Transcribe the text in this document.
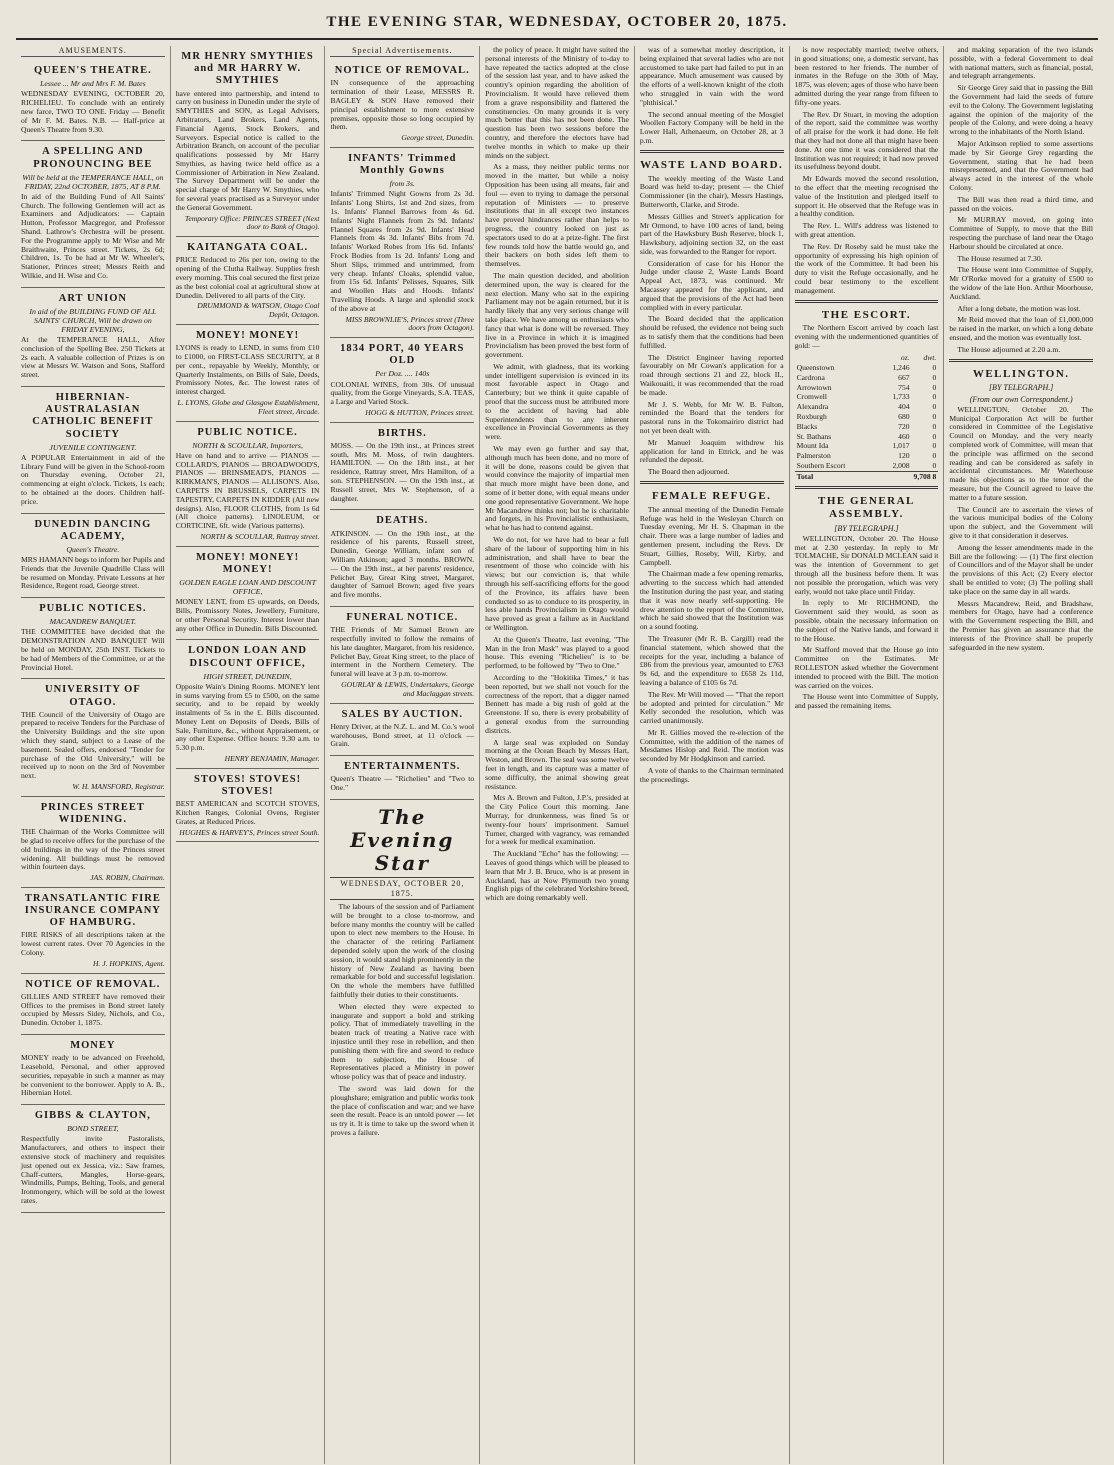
THE EVENING STAR, WEDNESDAY, OCTOBER 20, 1875.
AMUSEMENTS.
QUEEN'S THEATRE.
Lessee ... Mr and Mrs F. M. Bates
WEDNESDAY EVENING, OCTOBER 20, RICHELIEU. To conclude with an entirely new farce, TWO TO ONE. Friday — Benefit of Mr F. M. Bates. N.B. — Half-price at Queen's Theatre from 9.30.
A SPELLING AND PRONOUNCING BEE
Will be held at the TEMPERANCE HALL, on FRIDAY, 22nd OCTOBER, 1875, AT 8 P.M.
In aid of the Building Fund of All Saints' Church. The following Gentlemen will act as Examiners and Adjudicators: — Captain Hutton, Professor Macgregor, and Professor Shand. Lathrow's Orchestra will be present. For the Programme apply to Mr Wise and Mr Braithwaite, Princes street. Tickets, 2s 6d; Children, 1s. To be had at Mr W. Wheeler's, Stationer, Princes street; Messrs Reith and Wilkie, and H. Wise and Co.
ART UNION
In aid of the BUILDING FUND OF ALL SAINTS' CHURCH, Will be drawn on FRIDAY EVENING,
At the TEMPERANCE HALL, After conclusion of the Spelling Bee. 250 Tickets at 2s each. A valuable collection of Prizes is on view at Messrs W. Watson and Sons, Stafford street.
HIBERNIAN-AUSTRALASIAN CATHOLIC BENEFIT SOCIETY
JUVENILE CONTINGENT.
A POPULAR Entertainment in aid of the Library Fund will be given in the School-room on Thursday evening, October 21, commencing at eight o'clock. Tickets, 1s each; to be obtained at the doors. Children half-price.
DUNEDIN DANCING ACADEMY,
Queen's Theatre.
MRS HAMANN begs to inform her Pupils and Friends that the Juvenile Quadrille Class will be resumed on Monday. Private Lessons at her Residence, Regent road, George street.
PUBLIC NOTICES.
MACANDREW BANQUET.
THE COMMITTEE have decided that the DEMONSTRATION AND BANQUET Will be held on MONDAY, 25th INST. Tickets to be had of Members of the Committee, or at the Provincial Hotel.
UNIVERSITY OF OTAGO.
THE Council of the University of Otago are prepared to receive Tenders for the Purchase of the University Buildings and the site upon which they stand, subject to a Lease of the basement. Sealed offers, endorsed "Tender for purchase of the Old University," will be received up to noon on the 3rd of November next.
W. H. MANSFORD, Registrar.
PRINCES STREET WIDENING.
THE Chairman of the Works Committee will be glad to receive offers for the purchase of the old buildings in the way of the Princes street widening. All buildings must be removed within fourteen days.
JAS. ROBIN, Chairman.
TRANSATLANTIC FIRE INSURANCE COMPANY OF HAMBURG.
FIRE RISKS of all descriptions taken at the lowest current rates. Over 70 Agencies in the Colony.
H. J. HOPKINS, Agent.
NOTICE OF REMOVAL.
GILLIES AND STREET have removed their Offices to the premises in Bond street lately occupied by Messrs Sidey, Nichols, and Co., Dunedin. October 1, 1875.
MONEY
MONEY ready to be advanced on Freehold, Leasehold, Personal, and other approved securities, repayable in such a manner as may be convenient to the borrower. Apply to A. B., Hibernian Hotel.
GIBBS & CLAYTON,
BOND STREET,
Respectfully invite Pastoralists, Manufacturers, and others to inspect their extensive stock of machinery and requisites just opened out ex Jessica, viz.: Saw frames, Chaff-cutters, Mangles, Horse-gears, Windmills, Pumps, Belting, Tools, and general Ironmongery, which will be sold at the lowest rates.
MR HENRY SMYTHIES and MR HARRY W. SMYTHIES
have entered into partnership, and intend to carry on business in Dunedin under the style of SMYTHIES and SON, as Legal Advisers, Arbitrators, Land Brokers, Land Agents, Financial Agents, Stock Brokers, and Surveyors. Especial notice is called to the Arbitration Branch, on account of the peculiar qualifications possessed by Mr Harry Smythies, as having twice held office as a Commissioner of Arbitration in New Zealand. The Survey Department will be under the special charge of Mr Harry W. Smythies, who for several years practised as a Surveyor under the General Government.
Temporary Office: PRINCES STREET (Next door to Bank of Otago).
KAITANGATA COAL.
PRICE Reduced to 26s per ton, owing to the opening of the Clutha Railway. Supplies fresh every morning. This coal secured the first prize as the best colonial coal at agricultural show at Dunedin. Delivered to all parts of the City.
DRUMMOND & WATSON, Otago Coal Depôt, Octagon.
MONEY! MONEY!
LYONS is ready to LEND, in sums from £10 to £1000, on FIRST-CLASS SECURITY, at 8 per cent., repayable by Weekly, Monthly, or Quarterly Instalments, on Bills of Sale, Deeds, Promissory Notes, &c. The lowest rates of interest charged.
L. LYONS, Globe and Glasgow Establishment, Fleet street, Arcade.
PUBLIC NOTICE.
NORTH & SCOULLAR, Importers,
Have on hand and to arrive — PIANOS — COLLARD'S, PIANOS — BROADWOOD'S, PIANOS — BRINSMEAD'S, PIANOS — KIRKMAN'S, PIANOS — ALLISON'S. Also, CARPETS IN BRUSSELS, CARPETS IN TAPESTRY, CARPETS IN KIDDER (All new designs). Also, FLOOR CLOTHS, from 1s 6d (All choice patterns). LINOLEUM, or CORTICINE, 6ft. wide (Various patterns).
NORTH & SCOULLAR, Rattray street.
MONEY! MONEY! MONEY!
GOLDEN EAGLE LOAN AND DISCOUNT OFFICE,
MONEY LENT, from £5 upwards, on Deeds, Bills, Promissory Notes, Jewellery, Furniture, or other Personal Security. Interest lower than any other Office in Dunedin. Bills Discounted.
LONDON LOAN AND DISCOUNT OFFICE,
HIGH STREET, DUNEDIN,
Opposite Wain's Dining Rooms. MONEY lent in sums varying from £5 to £500, on the same security, and to be repaid by weekly instalments of 5s in the £. Bills discounted. Money Lent on Deposits of Deeds, Bills of Sale, Furniture, &c., without Appraisement, or any other Expense. Office hours: 9.30 a.m. to 5.30 p.m.
HENRY BENJAMIN, Manager.
STOVES! STOVES! STOVES!
BEST AMERICAN and SCOTCH STOVES, Kitchen Ranges, Colonial Ovens, Register Grates, at Reduced Prices.
HUGHES & HARVEY'S, Princes street South.
Special Advertisements.
NOTICE OF REMOVAL.
IN consequence of the approaching termination of their Lease, MESSRS R. BAGLEY & SON Have removed their principal establishment to more extensive premises, opposite those so long occupied by them.
George street, Dunedin.
INFANTS' Trimmed Monthly Gowns
from 3s.
Infants' Trimmed Night Gowns from 2s 3d. Infants' Long Shirts, 1st and 2nd sizes, from 1s. Infants' Flannel Barrows from 4s 6d. Infants' Night Flannels from 2s 9d. Infants' Flannel Squares from 2s 9d. Infants' Head Flannels from 4s 3d. Infants' Bibs from 7d. Infants' Worked Robes from 16s 6d. Infants' Frock Bodies from 1s 2d. Infants' Long and Short Slips, trimmed and untrimmed, from very cheap. Infants' Cloaks, splendid value, from 15s 6d. Infants' Pelisses, Squares, Silk and Woollen Hats and Hoods. Infants' Travelling Hoods. A large and splendid stock of the above at
MISS BROWNLIE'S, Princes street (Three doors from Octagon).
1834 PORT, 40 YEARS OLD
Per Doz. .... 140s
COLONIAL WINES, from 30s. Of unusual quality, from the Gorge Vineyards, S.A. TEAS, a Large and Varied Stock.
HOGG & HUTTON, Princes street.
BIRTHS.
MOSS. — On the 19th inst., at Princes street south, Mrs M. Moss, of twin daughters. HAMILTON. — On the 18th inst., at her residence, Rattray street, Mrs Hamilton, of a son. STEPHENSON. — On the 19th inst., at Russell street, Mrs W. Stephenson, of a daughter.
DEATHS.
ATKINSON. — On the 19th inst., at the residence of his parents, Russell street, Dunedin, George William, infant son of William Atkinson; aged 3 months. BROWN. — On the 19th inst., at her parents' residence, Pelichet Bay, Great King street, Margaret, daughter of Samuel Brown; aged five years and five months.
FUNERAL NOTICE.
THE Friends of Mr Samuel Brown are respectfully invited to follow the remains of his late daughter, Margaret, from his residence, Pelichet Bay, Great King street, to the place of interment in the Northern Cemetery. The funeral will leave at 3 p.m. to-morrow.
GOURLAY & LEWIS, Undertakers, George and Maclaggan streets.
SALES BY AUCTION.
Henry Driver, at the N.Z. L. and M. Co.'s wool warehouses, Bond street, at 11 o'clock — Grain.
ENTERTAINMENTS.
Queen's Theatre — "Richelieu" and "Two to One."
The Evening Star
WEDNESDAY, OCTOBER 20, 1875.

The labours of the session and of Parliament will be brought to a close to-morrow, and before many months the country will be called upon to elect new members to the House. In the character of the retiring Parliament depended solely upon the work of the closing session, it would stand high prominently in the history of New Zealand as having been remarkable for bold and successful legislation. On the whole the members have fulfilled faithfully their duties to their constituents.

When elected they were expected to inaugurate and support a bold and striking policy. That of immediately travelling in the beaten track of treating a Native race with injustice until they rose in rebellion, and then punishing them with fire and sword to reduce them to subjection, the House of Representatives placed a Ministry in power whose policy was that of peace and industry.

The sword was laid down for the ploughshare; emigration and public works took the place of confiscation and war; and we have seen the result. Peace is an untold power — let us try it. It is time to take up the sword when it proves a failure.

the policy of peace. It might have suited the personal interests of the Ministry of to-day to have repeated the tactics adopted at the close of the session last year, and to have asked the country's opinion regarding the abolition of Provincialism. It would have relieved them from a grave responsibility and flattered the constituencies. On many grounds it is very much better that this has not been done. The question has been two sessions before the country, and therefore the electors have had twelve months in which to make up their minds on the subject.

As a mass, they neither public terms nor moved in the matter, but while a noisy Opposition has been using all means, fair and foul — even to trying to damage the personal reputation of Ministers — to preserve institutions that in all except two instances have proved hindrances rather than helps to progress, the country looked on just as spectators used to do at a prize-fight. The first few rounds told how the battle would go, and their backers on both sides left them to themselves.

The main question decided, and abolition determined upon, the way is cleared for the next election. Many who sat in the expiring Parliament may not be again returned, but it is hardly likely that any very serious change will take place. We have among us enthusiasts who fancy that what is done will be reversed. They live in a Province in which it is imagined Provincialism has been proved the best form of government.

We admit, with gladness, that its working under intelligent supervision is evinced in its most favorable aspect in Otago and Canterbury; but we think it quite capable of proof that the success must be attributed more to the accident of having had able Superintendents than to any inherent excellence in Provincial Governments as they were.

We may even go further and say that, although much has been done, and no more of it will be done, reasons could be given that would convince the majority of impartial men that much more might have been done, and some of it better done, with equal means under one good representative Government. We hope Mr Macandrew thinks not; but he is charitable and forgets, in his Provincialistic enthusiasm, what he has had to contend against.

We do not, for we have had to bear a full share of the labour of supporting him in his administration, and shall have to bear the resentment of those who coincide with his views; but our conviction is, that while through his self-sacrificing efforts for the good of the Province, its affairs have been conducted so as to conduce to its prosperity, in less able hands Provincialism in Otago would have proved as great a failure as in Auckland or Wellington.

At the Queen's Theatre, last evening, "The Man in the Iron Mask" was played to a good house. This evening "Richelieu" is to be performed, to be followed by "Two to One."

According to the "Hokitika Times," it has been reported, but we shall not vouch for the correctness of the report, that a digger named Bennett has made a big rush of gold at the Greenstone. If so, there is every probability of a general exodus from the surrounding districts.

A large seal was exploded on Sunday morning at the Ocean Beach by Messrs Hart, Weston, and Brown. The seal was some twelve feet in length, and its capture was a matter of some difficulty, the animal showing great resistance.

Mrs A. Brown and Fulton, J.P.'s, presided at the City Police Court this morning. Jane Murray, for drunkenness, was fined 5s or twenty-four hours' imprisonment. Samuel Turner, charged with vagrancy, was remanded for a week for medical examination.

The Auckland "Echo" has the following: — Leaves of good things which will be pleased to learn that Mr J. B. Bruce, who is at present in Auckland, has at Now Plymouth two young English pigs of the celebrated Yorkshire breed, which are doing remarkably well.

was of a somewhat motley description, it being explained that several ladies who are not accustomed to take part had failed to put in an appearance. Much amusement was caused by the efforts of a well-known knight of the cloth who struggled in vain with the word "phthisical."

The second annual meeting of the Mosgiel Woollen Factory Company will be held in the Lower Hall, Athenaeum, on October 28, at 3 p.m.

WASTE LAND BOARD.

The weekly meeting of the Waste Land Board was held to-day; present — the Chief Commissioner (in the chair), Messrs Hastings, Butterworth, Clarke, and Strode.

Messrs Gillies and Street's application for Mr Ormond, to have 100 acres of land, being part of the Hawksbury Bush Reserve, block 1, Hawksbury, adjoining section 32, on the east side, was forwarded to the Ranger for report.

Consideration of case for his Honor the Judge under clause 2, Waste Lands Board Appeal Act, 1873, was continued. Mr Macassey appeared for the applicant, and argued that the provisions of the Act had been complied with in every particular.

The Board decided that the application should be refused, the evidence not being such as to satisfy them that the conditions had been fulfilled.

The District Engineer having reported favourably on Mr Cowan's application for a road through sections 21 and 22, block II., Waikouaiti, it was recommended that the road be made.

Mr J. S. Webb, for Mr W. B. Fulton, reminded the Board that the tenders for pastoral runs in the Tokomairiro district had not yet been dealt with.

Mr Manuel Joaquim withdrew his application for land in Ettrick, and he was refunded the deposit.

The Board then adjourned.

FEMALE REFUGE.

The annual meeting of the Dunedin Female Refuge was held in the Wesleyan Church on Tuesday evening, Mr H. S. Chapman in the chair. There was a large number of ladies and gentlemen present, including the Revs. Dr Stuart, Gillies, Roseby, Will, Kirby, and Campbell.

The Chairman made a few opening remarks, adverting to the success which had attended the Institution during the past year, and stating that it was now nearly self-supporting. He drew attention to the report of the Committee, which he said showed that the Institution was on a sound footing.

The Treasurer (Mr R. B. Cargill) read the financial statement, which showed that the receipts for the year, including a balance of £86 from the previous year, amounted to £763 9s 6d, and the expenditure to £658 2s 11d, leaving a balance of £105 6s 7d.

The Rev. Mr Will moved — "That the report be adopted and printed for circulation." Mr Kelly seconded the resolution, which was carried unanimously.

Mr R. Gillies moved the re-election of the Committee, with the addition of the names of Mesdames Hislop and Reid. The motion was seconded by Mr Hodgkinson and carried.

A vote of thanks to the Chairman terminated the proceedings.

is now respectably married; twelve others, in good situations; one, a domestic servant, has been restored to her friends. The number of inmates in the Refuge on the 30th of May, 1875, was eleven; ages of those who have been admitted during the year range from fifteen to fifty-one years.

The Rev. Dr Stuart, in moving the adoption of the report, said the committee was worthy of all praise for the work it had done. He felt that they had not done all that might have been done. At one time it was considered that the Institution was not required; it had now proved its usefulness beyond doubt.

Mr Edwards moved the second resolution, to the effect that the meeting recognised the value of the Institution and pledged itself to support it. He observed that the Refuge was in a healthy condition.

The Rev. L. Will's address was listened to with great attention.

The Rev. Dr Roseby said he must take the opportunity of expressing his high opinion of the work of the Committee. It had been his duty to visit the Refuge occasionally, and he could bear testimony to the excellent management.

THE ESCORT.

The Northern Escort arrived by coach last evening with the undermentioned quantities of gold: —

	oz.	dwt.
Queenstown	1,246	0
Cardrona	667	0
Arrowtown	754	0
Cromwell	1,733	0
Alexandra	404	0
Roxburgh	680	0
Blacks	720	0
St. Bathans	460	0
Mount Ida	1,017	0
Palmerston	120	0
Southern Escort	2,008	0
Total	9,708 8	
THE GENERAL ASSEMBLY.
[BY TELEGRAPH.]

WELLINGTON, October 20. The House met at 2.30 yesterday. In reply to Mr TOLMACHE, Sir DONALD MCLEAN said it was the intention of Government to get through all the business before them. It was not possible the prorogation, which was very early, would not take place until Friday.

In reply to Mr RICHMOND, the Government said they would, as soon as possible, obtain the necessary information on the subject of the Native lands, and forward it to the House.

Mr Stafford moved that the House go into Committee on the Estimates. Mr ROLLESTON asked whether the Government intended to proceed with the Bill. The motion was carried on the voices.

The House went into Committee of Supply, and passed the remaining items.

and making separation of the two islands possible, with a federal Government to deal with national matters, such as financial, postal, and telegraph arrangements.

Sir George Grey said that in passing the Bill the Government had laid the seeds of future evil to the Colony. The Government legislating against the opinion of the majority of the people of the Colony, and were doing a heavy wrong to the inhabitants of the North Island.

Major Atkinson replied to some assertions made by Sir George Grey regarding the Government, stating that he had been misrepresented, and that the Government had always acted in the interest of the whole Colony.

The Bill was then read a third time, and passed on the voices.

Mr MURRAY moved, on going into Committee of Supply, to move that the Bill respecting the purchase of land near the Otago Harbour should be circulated at once.

The House resumed at 7.30.

The House went into Committee of Supply, Mr O'Rorke moved for a gratuity of £500 to the widow of the late Hon. Arthur Moorhouse, Auckland.

After a long debate, the motion was lost.

Mr Reid moved that the loan of £1,000,000 be raised in the market, on which a long debate ensued, and the motion was eventually lost.

The House adjourned at 2.20 a.m.

WELLINGTON.
[BY TELEGRAPH.]
(From our own Correspondent.)

WELLINGTON, October 20. The Municipal Corporation Act will be further considered in Committee of the Legislative Council on Monday, and the very nearly completed work of Committee, will mean that the principle was affirmed on the second reading and can be considered as safely in accidental circumstances. Mr Waterhouse made his objections as to the tenor of the measure, but the Council agreed to leave the matter to a future session.

The Council are to ascertain the views of the various municipal bodies of the Colony upon the subject, and the Government will give to it that consideration it deserves.

Among the lesser amendments made in the Bill are the following: — (1) The first election of Councillors and of the Mayor shall be under the provisions of this Act; (2) Every elector shall be entitled to vote; (3) The polling shall take place on the same day in all wards.

Messrs Macandrew, Reid, and Bradshaw, members for Otago, have had a conference with the Government respecting the Bill, and the Premier has given an assurance that the interests of the Province shall be properly safeguarded in the new system.
